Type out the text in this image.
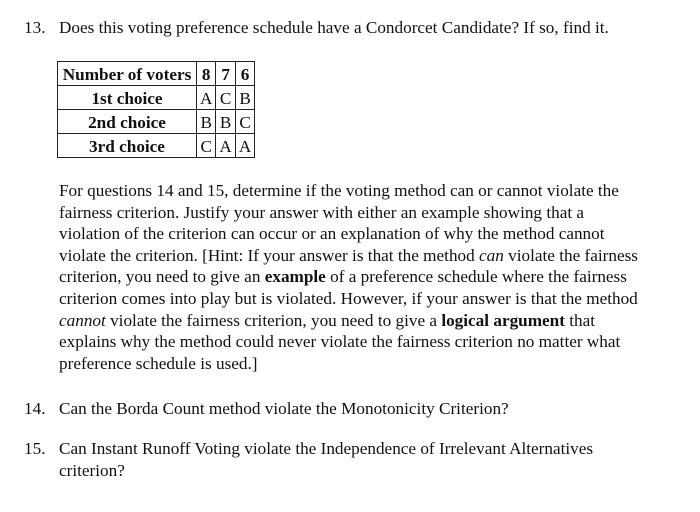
13. Does this voting preference schedule have a Condorcet Candidate? If so, find it.
Number of voters	8	7	6
1st choice	A	C	B
2nd choice	B	B	C
3rd choice	C	A	A
For questions 14 and 15, determine if the voting method can or cannot violate the
fairness criterion. Justify your answer with either an example showing that a
violation of the criterion can occur or an explanation of why the method cannot
violate the criterion. [Hint: If your answer is that the method can violate the fairness
criterion, you need to give an example of a preference schedule where the fairness
criterion comes into play but is violated. However, if your answer is that the method
cannot violate the fairness criterion, you need to give a logical argument that
explains why the method could never violate the fairness criterion no matter what
preference schedule is used.]
14. Can the Borda Count method violate the Monotonicity Criterion?
15. Can Instant Runoff Voting violate the Independence of Irrelevant Alternatives
criterion?
